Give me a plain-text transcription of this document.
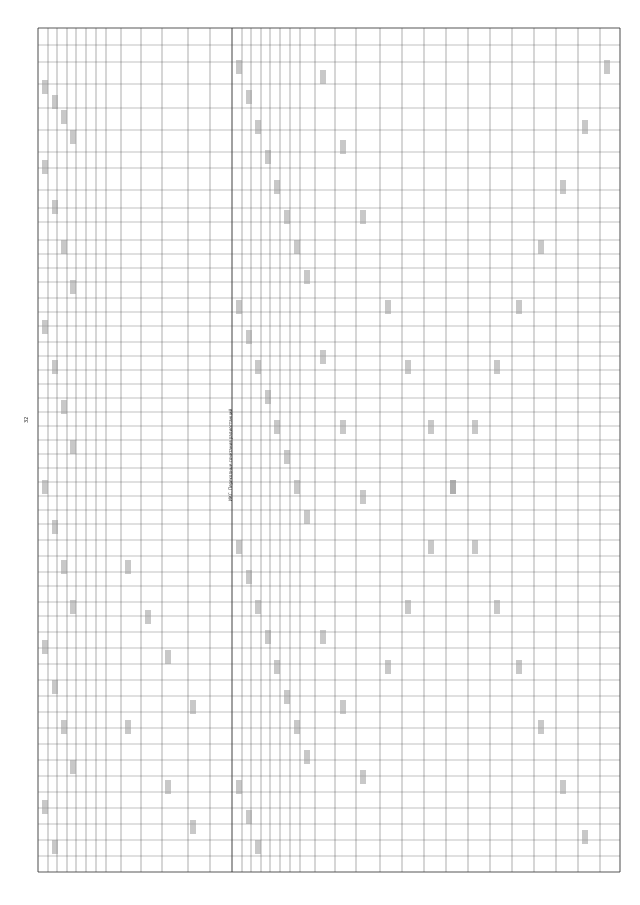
32	ИКС. Переходные сочетания радиостанций
